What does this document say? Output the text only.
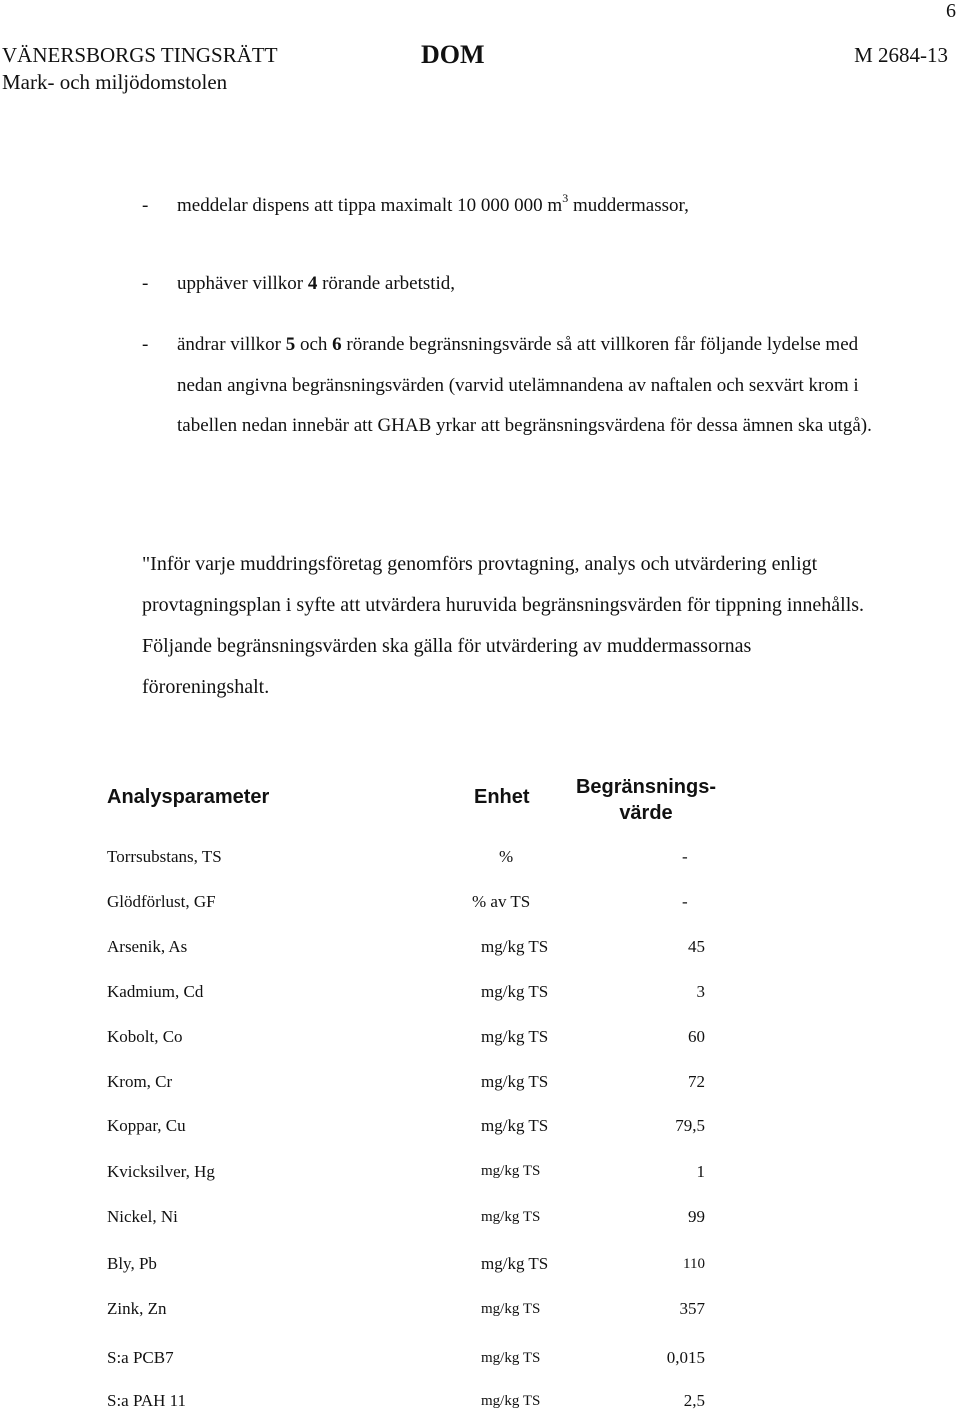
6
VÄNERSBORGS TINGSRÄTT
Mark- och miljödomstolen
DOM	M 2684-13
- meddelar dispens att tippa maximalt 10 000 000 $m^3$ muddermassor,
- upphäver villkor 4 rörande arbetstid,
- ändrar villkor 5 och 6 rörande begränsningsvärde så att villkoren får följande lydelse med nedan angivna begränsningsvärden (varvid utelämnandena av naftalen och sexvärt krom i tabellen nedan innebär att GHAB yrkar att begränsningsvärdena för dessa ämnen ska utgå).
"Inför varje muddringsföretag genomförs provtagning, analys och utvärdering enligt provtagningsplan i syfte att utvärdera huruvida begränsningsvärden för tippning innehålls. Följande begränsningsvärden ska gälla för utvärdering av muddermassornas föroreningshalt.
Analysparameter	Enhet	Begränsnings-
värde
Torrsubstans, TS	%	-
Glödförlust, GF	% av TS	-
Arsenik, As	mg/kg TS	45
Kadmium, Cd	mg/kg TS	3
Kobolt, Co	mg/kg TS	60
Krom, Cr	mg/kg TS	72
Koppar, Cu	mg/kg TS	79,5
Kvicksilver, Hg	mg/kg TS	1
Nickel, Ni	mg/kg TS	99
Bly, Pb	mg/kg TS	110
Zink, Zn	mg/kg TS	357
S:a PCB7	mg/kg TS	0,015
S:a PAH 11	mg/kg TS	2,5
